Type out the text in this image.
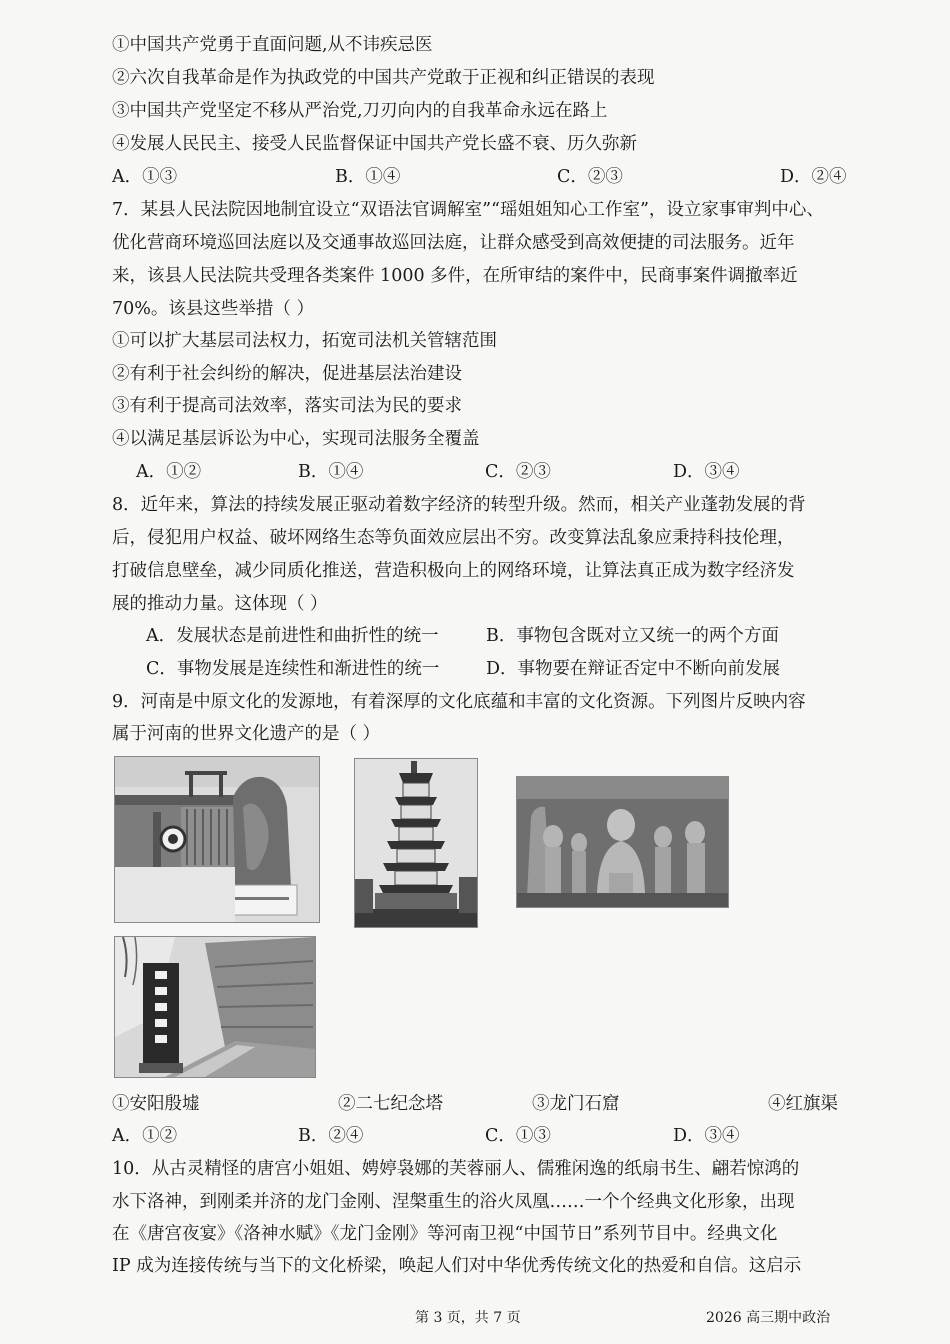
①中国共产党勇于直面问题,从不讳疾忌医
②六次自我革命是作为执政党的中国共产党敢于正视和纠正错误的表现
③中国共产党坚定不移从严治党,刀刃向内的自我革命永远在路上
④发展人民民主、接受人民监督保证中国共产党长盛不衰、历久弥新
A．①③	B．①④	C．②③	D．②④
7．某县人民法院因地制宜设立“双语法官调解室”“瑶姐姐知心工作室”，设立家事审判中心、
优化营商环境巡回法庭以及交通事故巡回法庭，让群众感受到高效便捷的司法服务。近年
来，该县人民法院共受理各类案件 1000 多件，在所审结的案件中，民商事案件调撤率近
70%。该县这些举措（ ）
①可以扩大基层司法权力，拓宽司法机关管辖范围
②有利于社会纠纷的解决，促进基层法治建设
③有利于提高司法效率，落实司法为民的要求
④以满足基层诉讼为中心，实现司法服务全覆盖
A．①②	B．①④	C．②③	D．③④
8．近年来，算法的持续发展正驱动着数字经济的转型升级。然而，相关产业蓬勃发展的背
后，侵犯用户权益、破坏网络生态等负面效应层出不穷。改变算法乱象应秉持科技伦理，
打破信息壁垒，减少同质化推送，营造积极向上的网络环境，让算法真正成为数字经济发
展的推动力量。这体现（ ）
A．发展状态是前进性和曲折性的统一	B．事物包含既对立又统一的两个方面
C．事物发展是连续性和渐进性的统一	D．事物要在辩证否定中不断向前发展
9．河南是中原文化的发源地，有着深厚的文化底蕴和丰富的文化资源。下列图片反映内容
属于河南的世界文化遗产的是（ ）
①安阳殷墟	②二七纪念塔	③龙门石窟	④红旗渠
A．①②	B．②④	C．①③	D．③④
10．从古灵精怪的唐宫小姐姐、娉婷袅娜的芙蓉丽人、儒雅闲逸的纸扇书生、翩若惊鸿的
水下洛神，到刚柔并济的龙门金刚、涅槃重生的浴火凤凰……一个个经典文化形象，出现
在《唐宫夜宴》《洛神水赋》《龙门金刚》等河南卫视“中国节日”系列节目中。经典文化
IP 成为连接传统与当下的文化桥梁，唤起人们对中华优秀传统文化的热爱和自信。这启示
第 3 页，共 7 页	2026 高三期中政治
